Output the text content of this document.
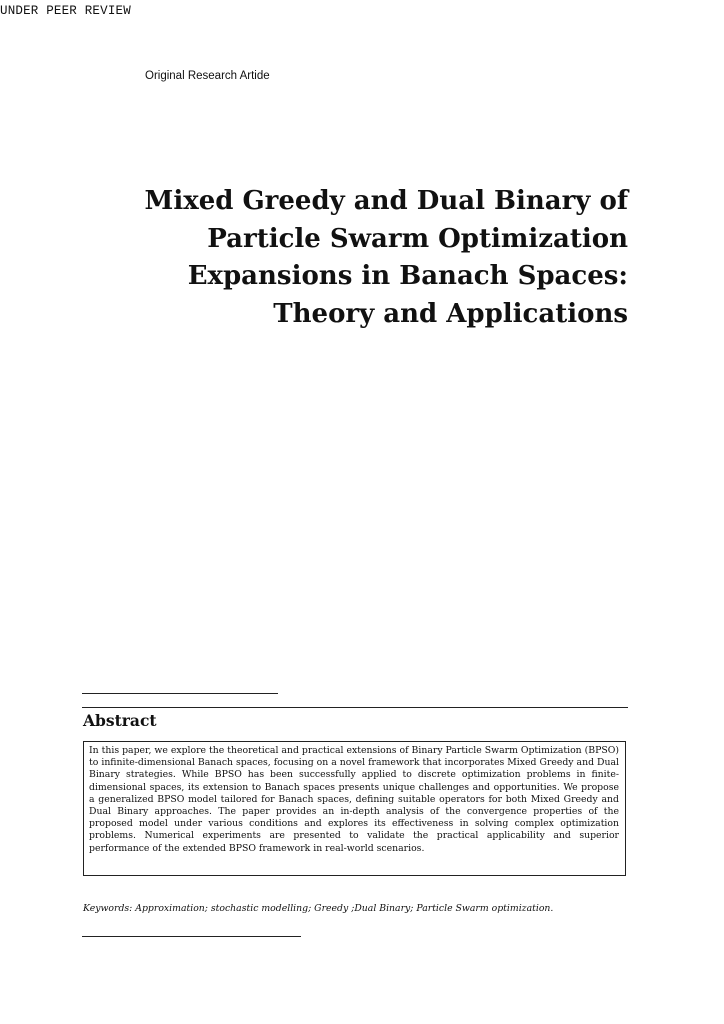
UNDER PEER REVIEW
Original Research Artide
Mixed Greedy and Dual Binary of
Particle Swarm Optimization
Expansions in Banach Spaces:
Theory and Applications
Abstract
In this paper, we explore the theoretical and practical extensions of Binary Particle Swarm Optimization (BPSO) to infinite-dimensional Banach spaces, focusing on a novel framework that incorporates Mixed Greedy and Dual Binary strategies. While BPSO has been successfully applied to discrete optimization problems in finite-dimensional spaces, its extension to Banach spaces presents unique challenges and opportunities. We propose a generalized BPSO model tailored for Banach spaces, defining suitable operators for both Mixed Greedy and Dual Binary approaches. The paper provides an in-depth analysis of the convergence properties of the proposed model under various conditions and explores its effectiveness in solving complex optimization problems. Numerical experiments are presented to validate the practical applicability and superior performance of the extended BPSO framework in real-world scenarios.
Keywords: Approximation; stochastic modelling; Greedy ;Dual Binary; Particle Swarm optimization.
